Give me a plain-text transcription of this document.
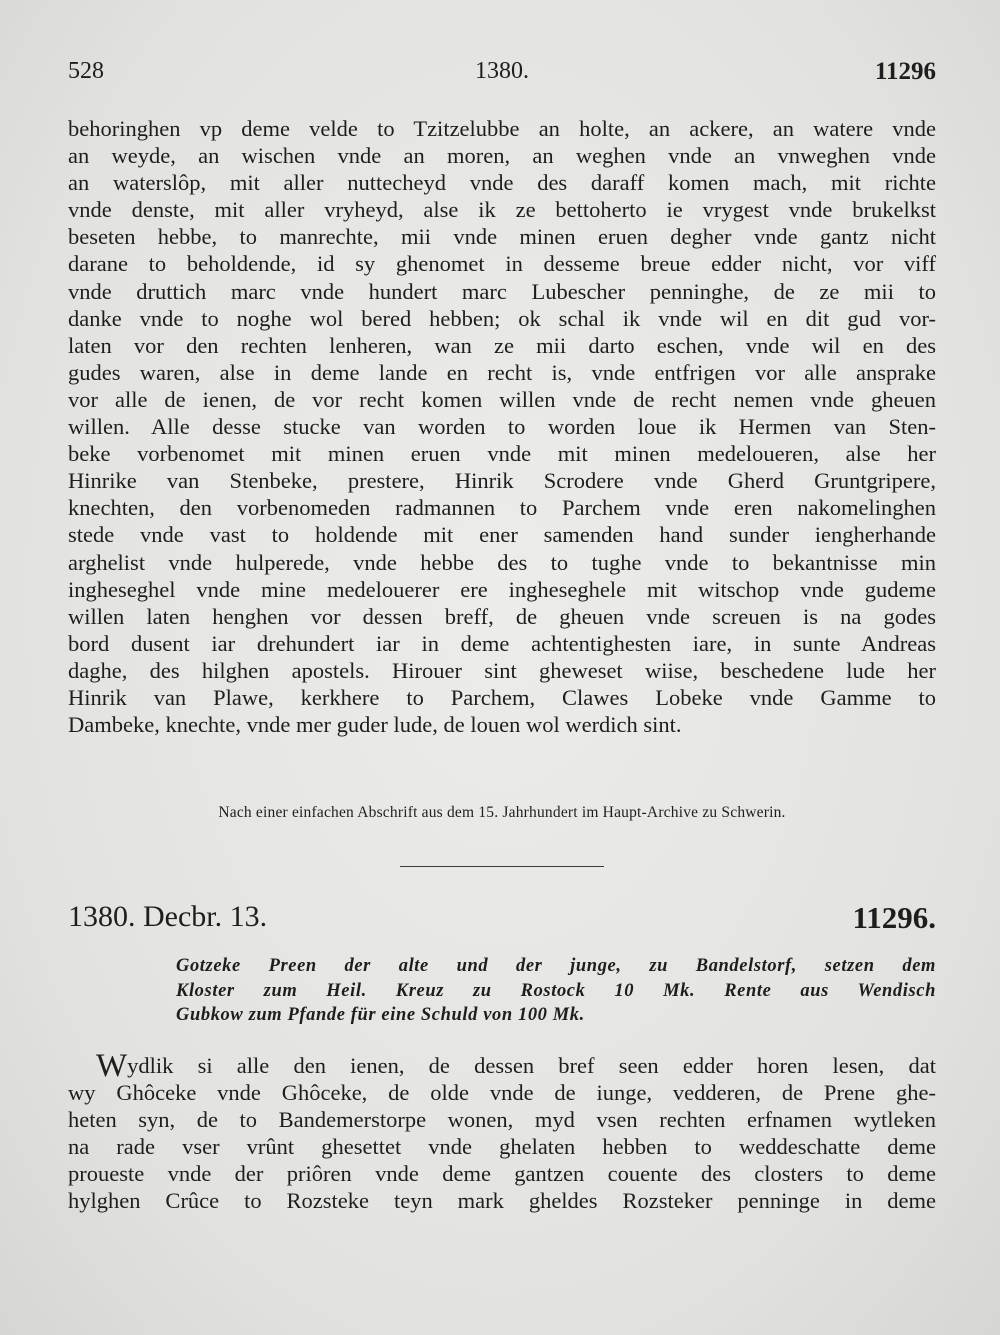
528	1380.	11296
behoringhen vp deme velde to Tzitzelubbe an holte, an ackere, an watere vnde
an weyde, an wischen vnde an moren, an weghen vnde an vnweghen vnde
an waterslôp, mit aller nuttecheyd vnde des daraff komen mach, mit richte
vnde denste, mit aller vryheyd, alse ik ze bettoherto ie vrygest vnde brukelkst
beseten hebbe, to manrechte, mii vnde minen eruen degher vnde gantz nicht
darane to beholdende, id sy ghenomet in desseme breue edder nicht, vor viff
vnde druttich marc vnde hundert marc Lubescher penninghe, de ze mii to
danke vnde to noghe wol bered hebben; ok schal ik vnde wil en dit gud vor-
laten vor den rechten lenheren, wan ze mii darto eschen, vnde wil en des
gudes waren, alse in deme lande en recht is, vnde entfrigen vor alle ansprake
vor alle de ienen, de vor recht komen willen vnde de recht nemen vnde gheuen
willen. Alle desse stucke van worden to worden loue ik Hermen van Sten-
beke vorbenomet mit minen eruen vnde mit minen medeloueren, alse her
Hinrike van Stenbeke, prestere, Hinrik Scrodere vnde Gherd Gruntgripere,
knechten, den vorbenomeden radmannen to Parchem vnde eren nakomelinghen
stede vnde vast to holdende mit ener samenden hand sunder iengherhande
arghelist vnde hulperede, vnde hebbe des to tughe vnde to bekantnisse min
ingheseghel vnde mine medelouerer ere ingheseghele mit witschop vnde gudeme
willen laten henghen vor dessen breff, de gheuen vnde screuen is na godes
bord dusent iar drehundert iar in deme achtentighesten iare, in sunte Andreas
daghe, des hilghen apostels. Hirouer sint gheweset wiise, beschedene lude her
Hinrik van Plawe, kerkhere to Parchem, Clawes Lobeke vnde Gamme to
Dambeke, knechte, vnde mer guder lude, de louen wol werdich sint.
Nach einer einfachen Abschrift aus dem 15. Jahrhundert im Haupt-Archive zu Schwerin.
1380. Decbr. 13.	11296.
Gotzeke Preen der alte und der junge, zu Bandelstorf, setzen dem
Kloster zum Heil. Kreuz zu Rostock 10 Mk. Rente aus Wendisch
Gubkow zum Pfande für eine Schuld von 100 Mk.
Wydlik si alle den ienen, de dessen bref seen edder horen lesen, dat
wy Ghôceke vnde Ghôceke, de olde vnde de iunge, vedderen, de Prene ghe-
heten syn, de to Bandemerstorpe wonen, myd vsen rechten erfnamen wytleken
na rade vser vrûnt ghesettet vnde ghelaten hebben to weddeschatte deme
proueste vnde der priôren vnde deme gantzen couente des closters to deme
hylghen Crûce to Rozsteke teyn mark gheldes Rozsteker penninge in deme
